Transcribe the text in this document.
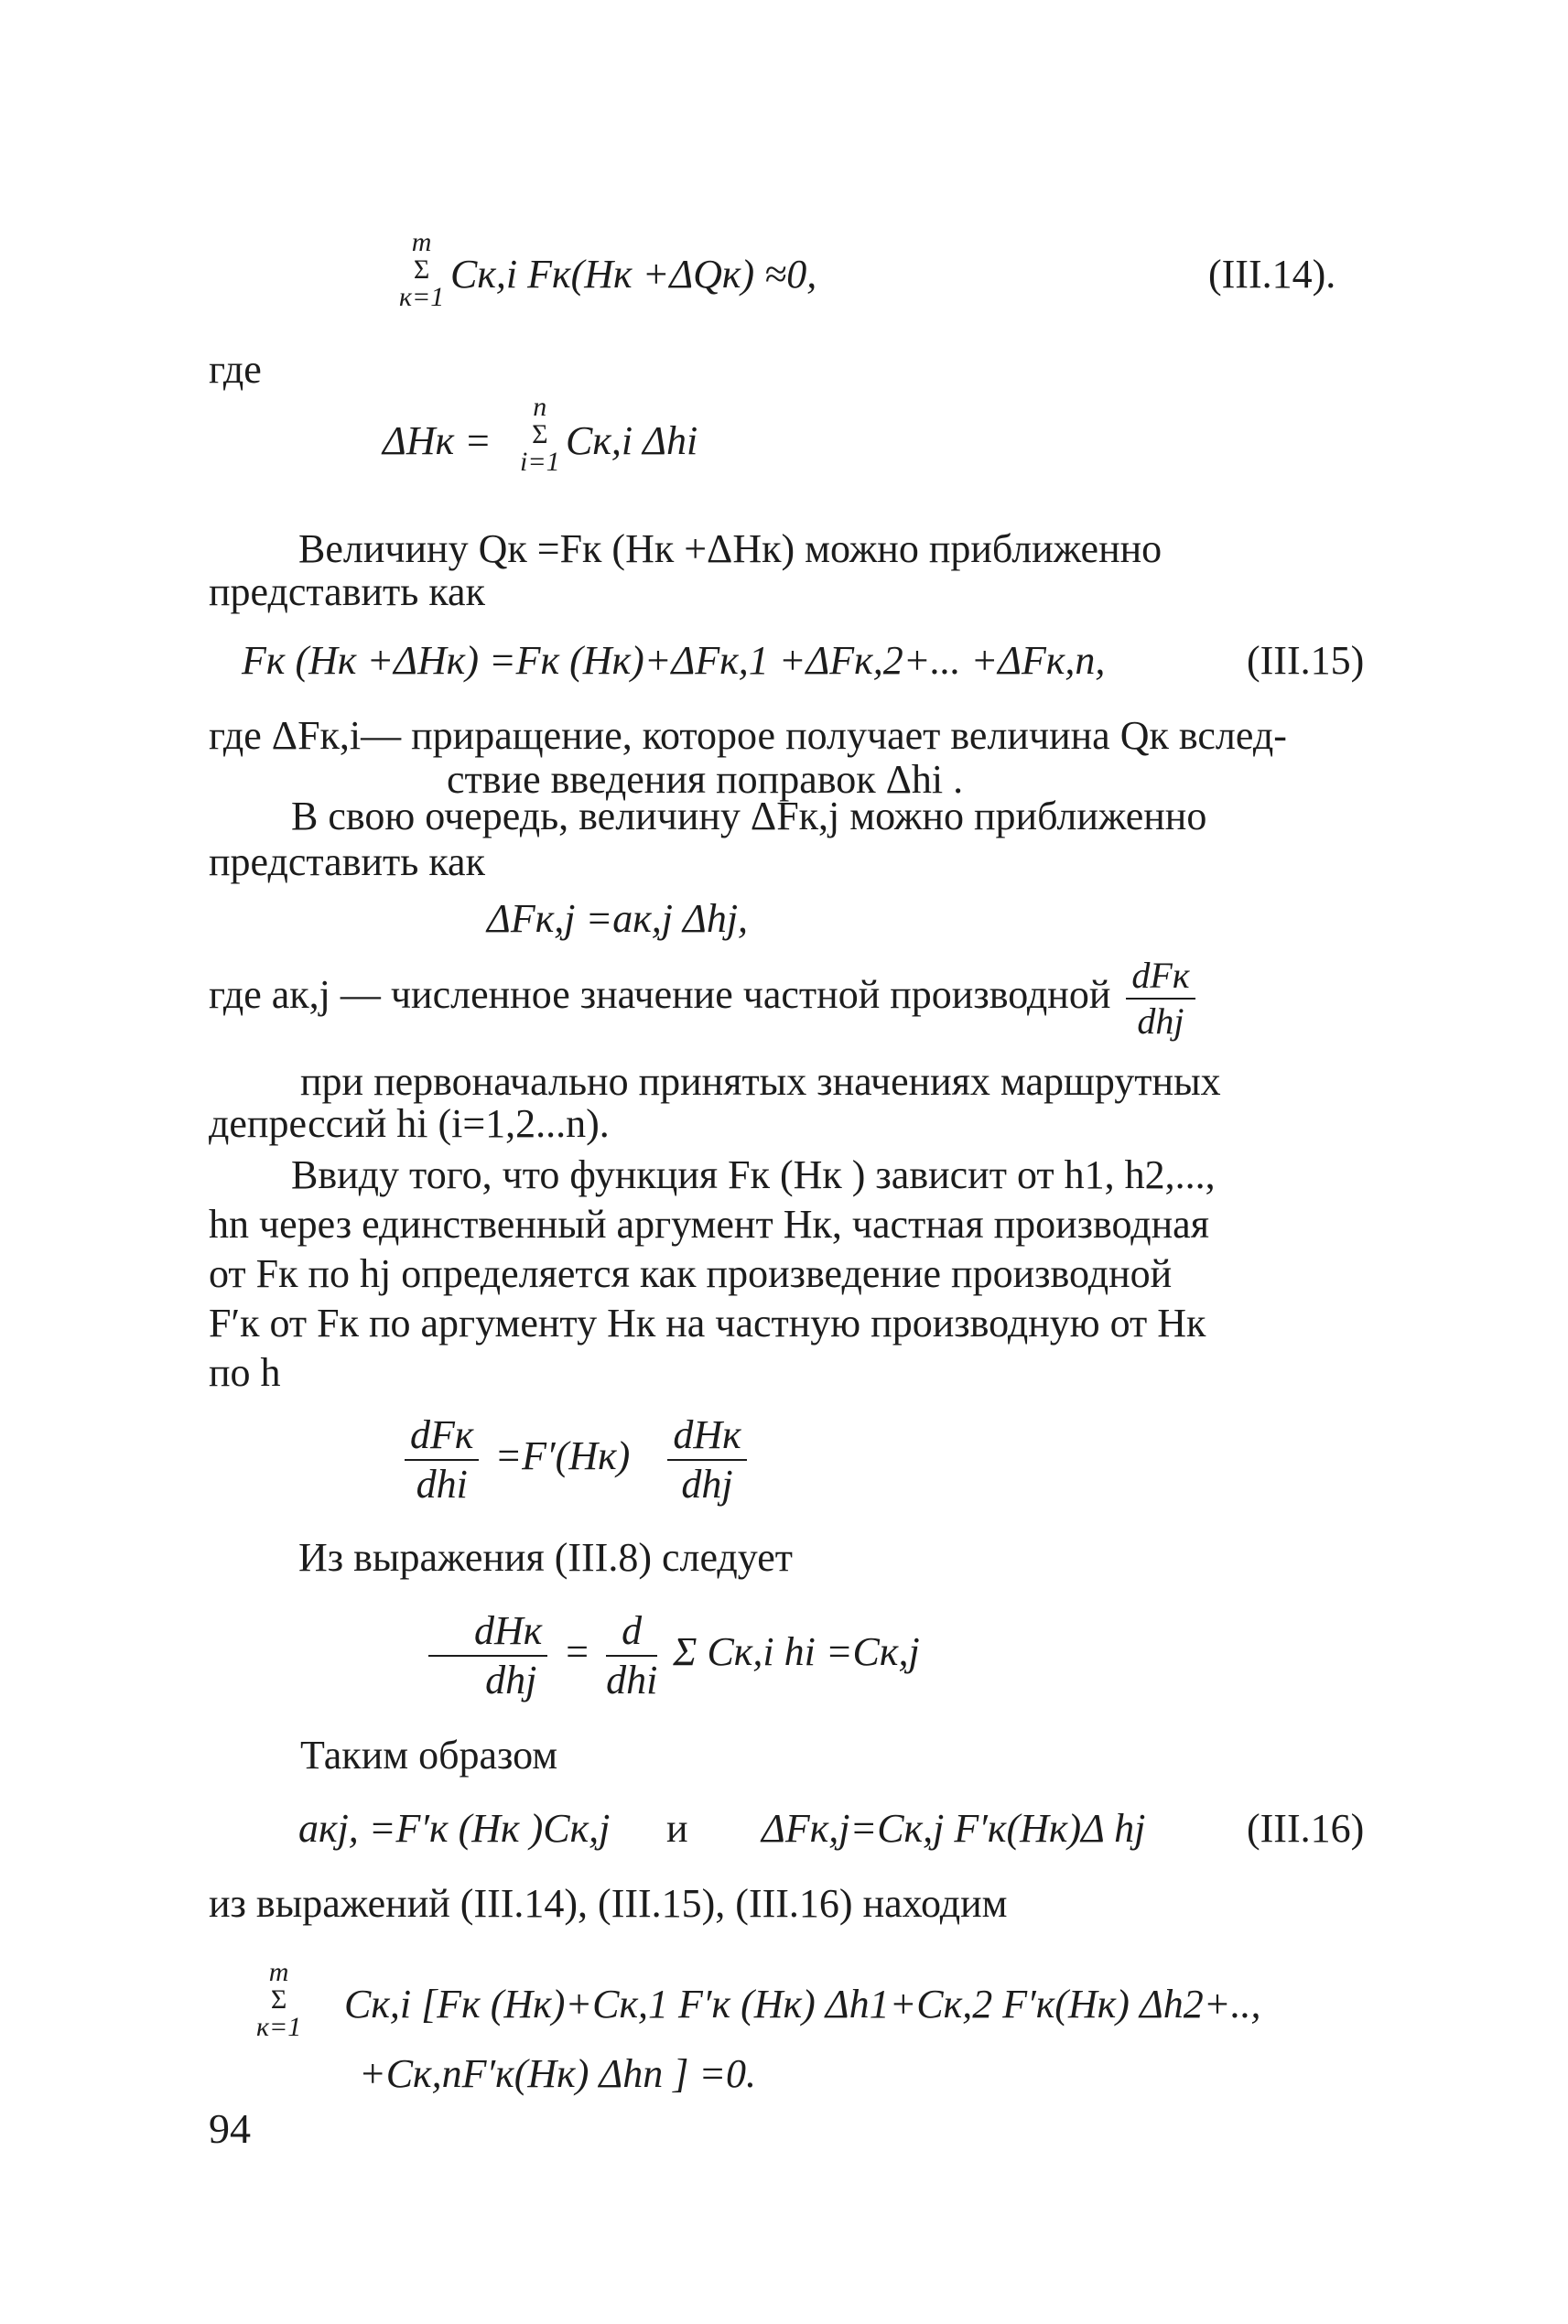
m
Σ
к=1
Cк,i Fк(Hк +ΔQк) ≈0,	(III.14).
где
ΔHк =
n
Σ
i=1 Cк,i Δhi
Величину Qк =Fк (Hк +ΔHк) можно приближенно
представить как
Fк (Hк +ΔHк) =Fк (Hк)+ΔFк,1 +ΔFк,2+... +ΔFк,n,	(III.15)
где ΔFк,i— приращение, которое получает величина Qк вслед-
ствие введения поправок Δhi .
В свою очередь, величину ΔFк,j можно приближенно
представить как
ΔFк,j =aк,j Δhj,
где aк,j — численное значение частной производной $\frac{\text{dFк}}{\text{dhj}}$
при первоначально принятых значениях маршрутных
депрессий hi (i=1,2...n).
Ввиду того, что функция Fк (Hк ) зависит от h1, h2,...,
hn через единственный аргумент Hк, частная производная
от Fк по hj определяется как произведение производной
F′к от Fк по аргументу Hк на частную производную от Hк
по h
$\frac{\text{dFк}}{\text{dhi}} =F'(Hк) \frac{\text{dHк}}{\text{dhj}}$
Из выражения (III.8) следует
$\frac{\text{dHк}}{\text{dhj}} = \frac{d}{\text{dhi}}$ Σ Cк,i hi =Cк,j
Таким образом
aкj, =F′к (Hк )Cк,j и ΔFк,j=Cк,j F′к(Hк)Δ hj	(III.16)
из выражений (III.14), (III.15), (III.16) находим
m
Σ
к=1
Cк,i [Fк (Hк)+Cк,1 F′к (Hк) Δh1+Cк,2 F′к(Hк) Δh2+..,
+Cк,nF′к(Hк) Δhn ] =0.
94
